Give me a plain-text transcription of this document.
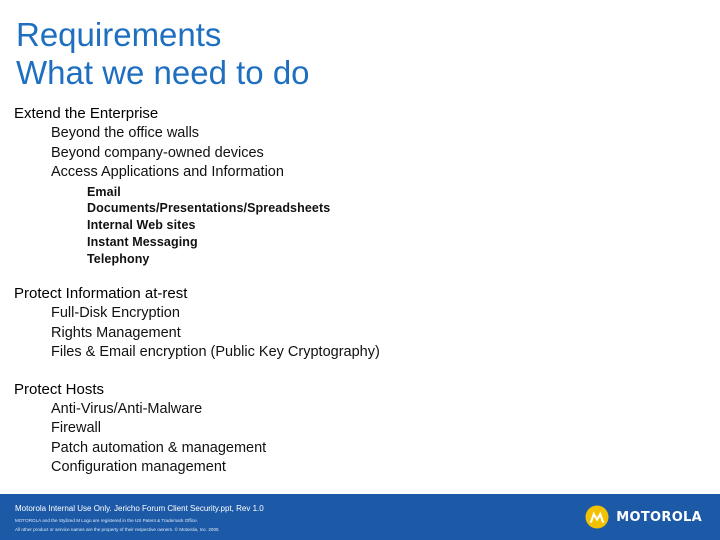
Requirements
What we need to do
Extend the Enterprise
Beyond the office walls
Beyond company-owned devices
Access Applications and Information
Email
Documents/Presentations/Spreadsheets
Internal Web sites
Instant Messaging
Telephony
Protect Information at-rest
Full-Disk Encryption
Rights Management
Files & Email encryption (Public Key Cryptography)
Protect Hosts
Anti-Virus/Anti-Malware
Firewall
Patch automation & management
Configuration management
Motorola Internal Use Only. Jericho Forum Client Security.ppt, Rev 1.0
MOTOROLA and the Stylized M Logo are registered in the US Patent & Trademark Office.
All other product or service names are the property of their respective owners. © Motorola, Inc. 2005
MOTOROLA
